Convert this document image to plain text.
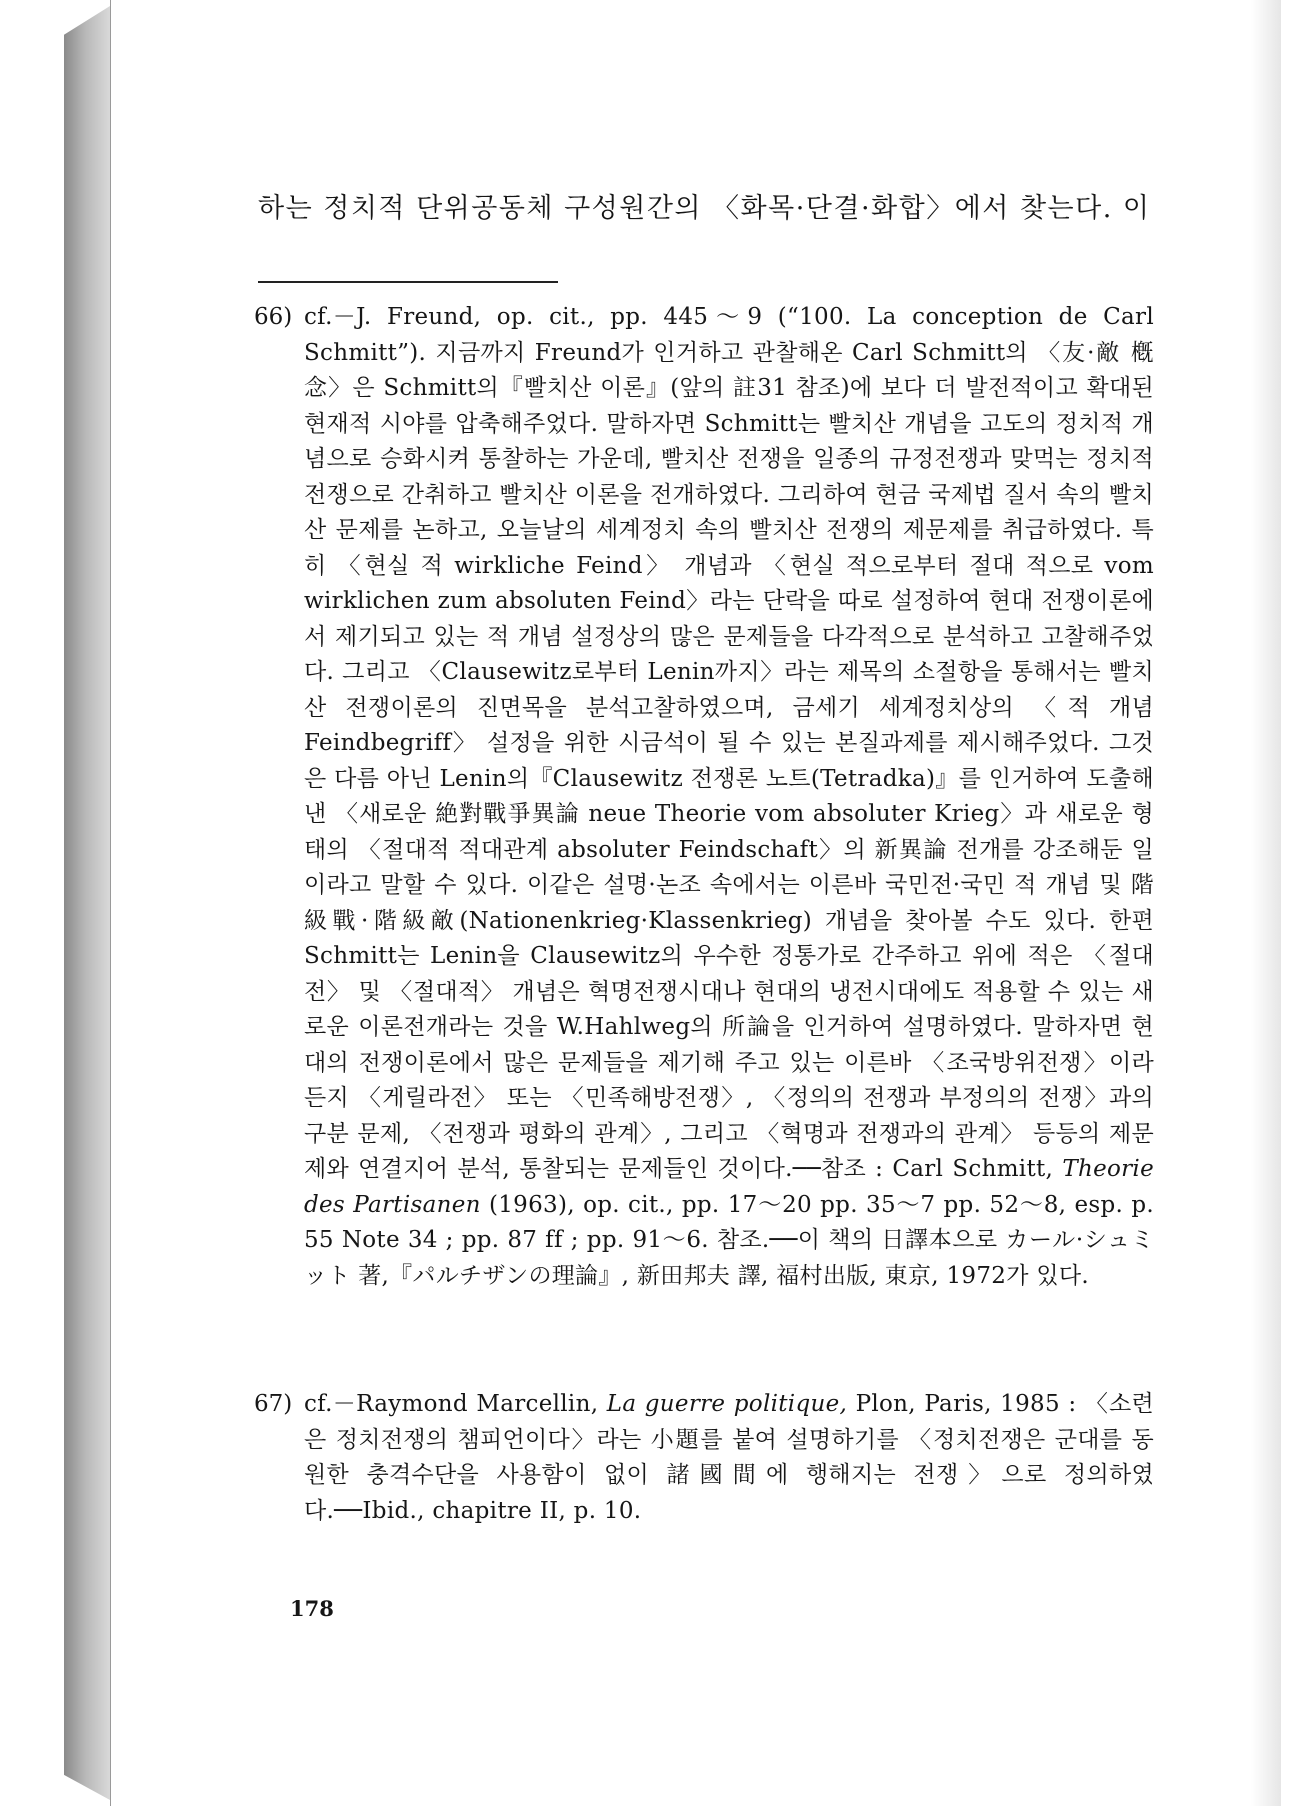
하는 정치적 단위공동체 구성원간의 〈화목·단결·화합〉에서 찾는다. 이
66) cf.－J. Freund, op. cit., pp. 445～9 (“100. La conception de Carl Schmitt”). 지금까지 Freund가 인거하고 관찰해온 Carl Schmitt의 〈友·敵 槪念〉은 Schmitt의『빨치산 이론』(앞의 註31 참조)에 보다 더 발전적이고 확대된 현재적 시야를 압축해주었다. 말하자면 Schmitt는 빨치산 개념을 고도의 정치적 개념으로 승화시켜 통찰하는 가운데, 빨치산 전쟁을 일종의 규정전쟁과 맞먹는 정치적 전쟁으로 간취하고 빨치산 이론을 전개하였다. 그리하여 현금 국제법 질서 속의 빨치산 문제를 논하고, 오늘날의 세계정치 속의 빨치산 전쟁의 제문제를 취급하였다. 특히 〈현실 적 wirkliche Feind〉 개념과 〈현실 적으로부터 절대 적으로 vom wirklichen zum absoluten Feind〉라는 단락을 따로 설정하여 현대 전쟁이론에서 제기되고 있는 적 개념 설정상의 많은 문제들을 다각적으로 분석하고 고찰해주었다. 그리고 〈Clausewitz로부터 Lenin까지〉라는 제목의 소절항을 통해서는 빨치산 전쟁이론의 진면목을 분석고찰하였으며, 금세기 세계정치상의 〈적 개념 Feindbegriff〉 설정을 위한 시금석이 될 수 있는 본질과제를 제시해주었다. 그것은 다름 아닌 Lenin의『Clausewitz 전쟁론 노트(Tetradka)』를 인거하여 도출해낸 〈새로운 絶對戰爭異論 neue Theorie vom absoluter Krieg〉과 새로운 형태의 〈절대적 적대관계 absoluter Feindschaft〉의 新異論 전개를 강조해둔 일이라고 말할 수 있다. 이같은 설명·논조 속에서는 이른바 국민전·국민 적 개념 및 階級戰·階級敵(Nationenkrieg·Klassenkrieg) 개념을 찾아볼 수도 있다. 한편 Schmitt는 Lenin을 Clausewitz의 우수한 정통가로 간주하고 위에 적은 〈절대전〉 및 〈절대적〉 개념은 혁명전쟁시대나 현대의 냉전시대에도 적용할 수 있는 새로운 이론전개라는 것을 W.Hahlweg의 所論을 인거하여 설명하였다. 말하자면 현대의 전쟁이론에서 많은 문제들을 제기해 주고 있는 이른바 〈조국방위전쟁〉이라든지 〈게릴라전〉 또는 〈민족해방전쟁〉, 〈정의의 전쟁과 부정의의 전쟁〉과의 구분 문제, 〈전쟁과 평화의 관계〉, 그리고 〈혁명과 전쟁과의 관계〉 등등의 제문제와 연결지어 분석, 통찰되는 문제들인 것이다.──참조 : Carl Schmitt, Theorie des Partisanen (1963), op. cit., pp. 17～20 pp. 35～7 pp. 52～8, esp. p. 55 Note 34 ; pp. 87 ff ; pp. 91～6. 참조.──이 책의 日譯本으로 カール·シュミット 著,『パルチザンの理論』, 新田邦夫 譯, 福村出版, 東京, 1972가 있다.
67) cf.－Raymond Marcellin, La guerre politique, Plon, Paris, 1985 : 〈소련은 정치전쟁의 챔피언이다〉라는 小題를 붙여 설명하기를 〈정치전쟁은 군대를 동원한 충격수단을 사용함이 없이 諸國間에 행해지는 전쟁〉으로 정의하였다.──Ibid., chapitre II, p. 10.
178
